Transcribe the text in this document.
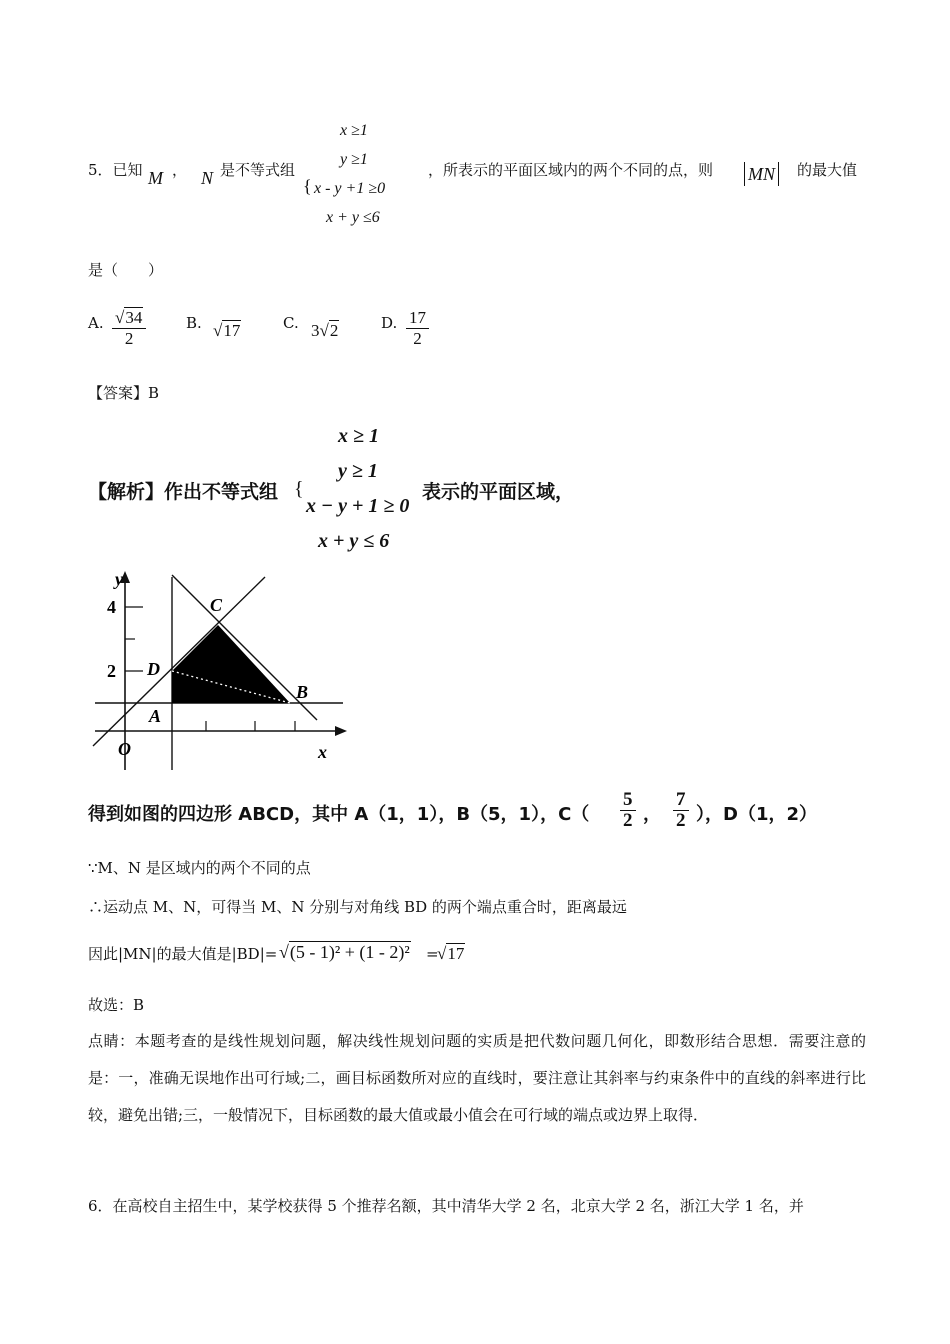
5．已知 M ， N 是不等式组
{
x ≥1
y ≥1
x - y +1 ≥0
x + y ≤6
，所表示的平面区域内的两个不同的点，则 MN 的最大值
是（　　）
A. $\frac{√34}{2}$	B. √17	C. 3√2	D. $\frac{17}{2}$
【答案】B
【解析】作出不等式组 {
x ≥ 1
y ≥ 1
x − y + 1 ≥ 0
x + y ≤ 6
表示的平面区域，
y
x
O
4
2
A
B
C
D
得到如图的四边形 ABCD，其中 A（1，1），B（5，1），$C( \frac{5}{2}$ ， $\frac{7}{2}$ ），D（1，2）
∵M、N 是区域内的两个不同的点
∴运动点 M、N，可得当 M、N 分别与对角线 BD 的两个端点重合时，距离最远
因此|MN|的最大值是|BD|= √(5 - 1)² + (1 - 2)² =
√17
故选：B
点睛：本题考查的是线性规划问题，解决线性规划问题的实质是把代数问题几何化，即数形结合思想．需要注意的是：一，准确无误地作出可行域;二，画目标函数所对应的直线时，要注意让其斜率与约束条件中的直线的斜率进行比较，避免出错;三，一般情况下，目标函数的最大值或最小值会在可行域的端点或边界上取得．
6．在高校自主招生中，某学校获得 5 个推荐名额，其中清华大学 2 名，北京大学 2 名，浙江大学 1 名，并
